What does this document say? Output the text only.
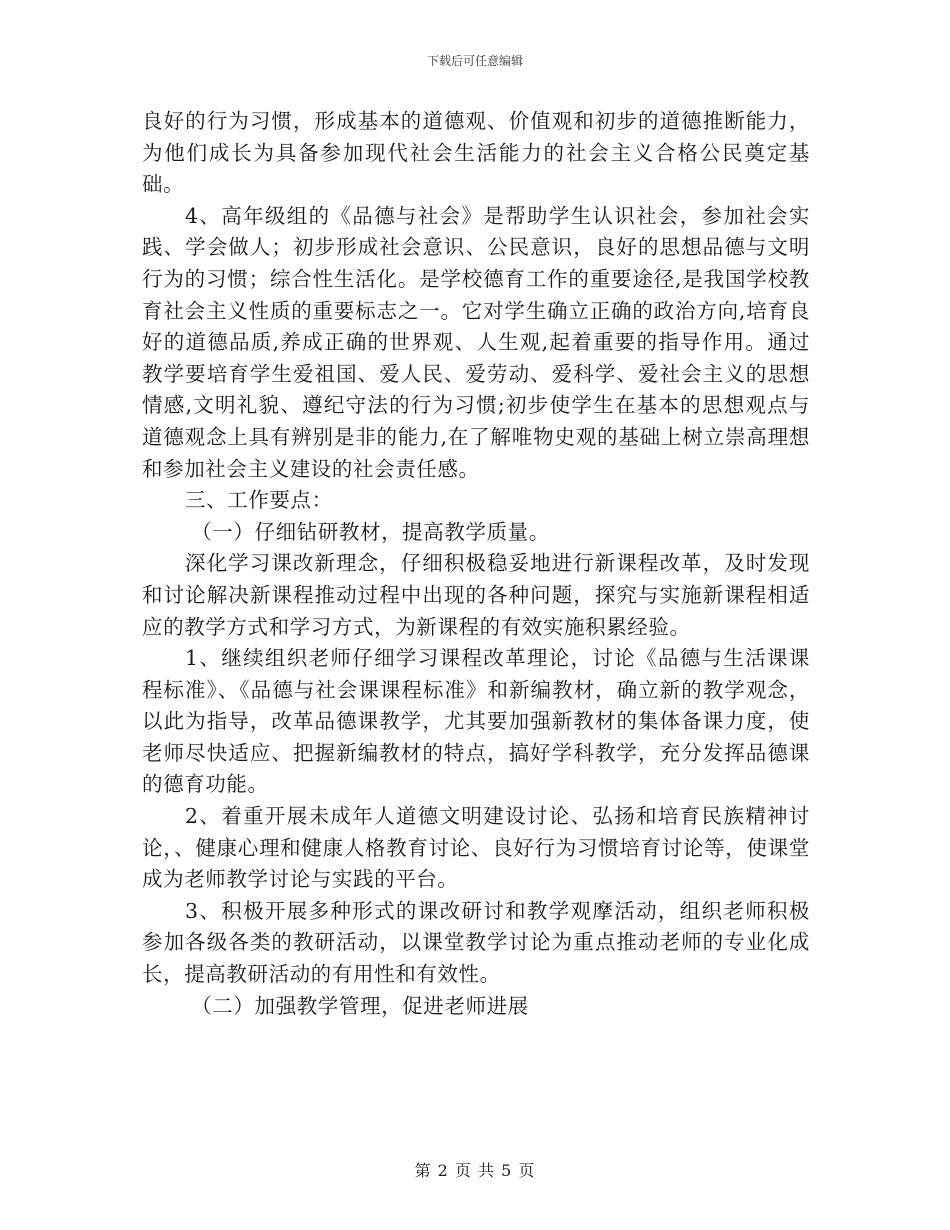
下载后可任意编辑

良好的行为习惯，形成基本的道德观、价值观和初步的道德推断能力，为他们成长为具备参加现代社会生活能力的社会主义合格公民奠定基础。

4、高年级组的《品德与社会》是帮助学生认识社会，参加社会实践、学会做人；初步形成社会意识、公民意识，良好的思想品德与文明行为的习惯；综合性生活化。是学校德育工作的重要途径,是我国学校教育社会主义性质的重要标志之一。它对学生确立正确的政治方向,培育良好的道德品质,养成正确的世界观、人生观,起着重要的指导作用。通过教学要培育学生爱祖国、爱人民、爱劳动、爱科学、爱社会主义的思想情感,文明礼貌、遵纪守法的行为习惯;初步使学生在基本的思想观点与道德观念上具有辨别是非的能力,在了解唯物史观的基础上树立崇高理想和参加社会主义建设的社会责任感。

三、工作要点：

（一）仔细钻研教材，提高教学质量。

深化学习课改新理念，仔细积极稳妥地进行新课程改革，及时发现和讨论解决新课程推动过程中出现的各种问题，探究与实施新课程相适应的教学方式和学习方式，为新课程的有效实施积累经验。

1、继续组织老师仔细学习课程改革理论，讨论《品德与生活课课程标准》、《品德与社会课课程标准》和新编教材，确立新的教学观念，以此为指导，改革品德课教学，尤其要加强新教材的集体备课力度，使老师尽快适应、把握新编教材的特点，搞好学科教学，充分发挥品德课的德育功能。

2、着重开展未成年人道德文明建设讨论、弘扬和培育民族精神讨论，、健康心理和健康人格教育讨论、良好行为习惯培育讨论等，使课堂成为老师教学讨论与实践的平台。

3、积极开展多种形式的课改研讨和教学观摩活动，组织老师积极参加各级各类的教研活动，以课堂教学讨论为重点推动老师的专业化成长，提高教研活动的有用性和有效性。

（二）加强教学管理，促进老师进展

第 2 页 共 5 页
